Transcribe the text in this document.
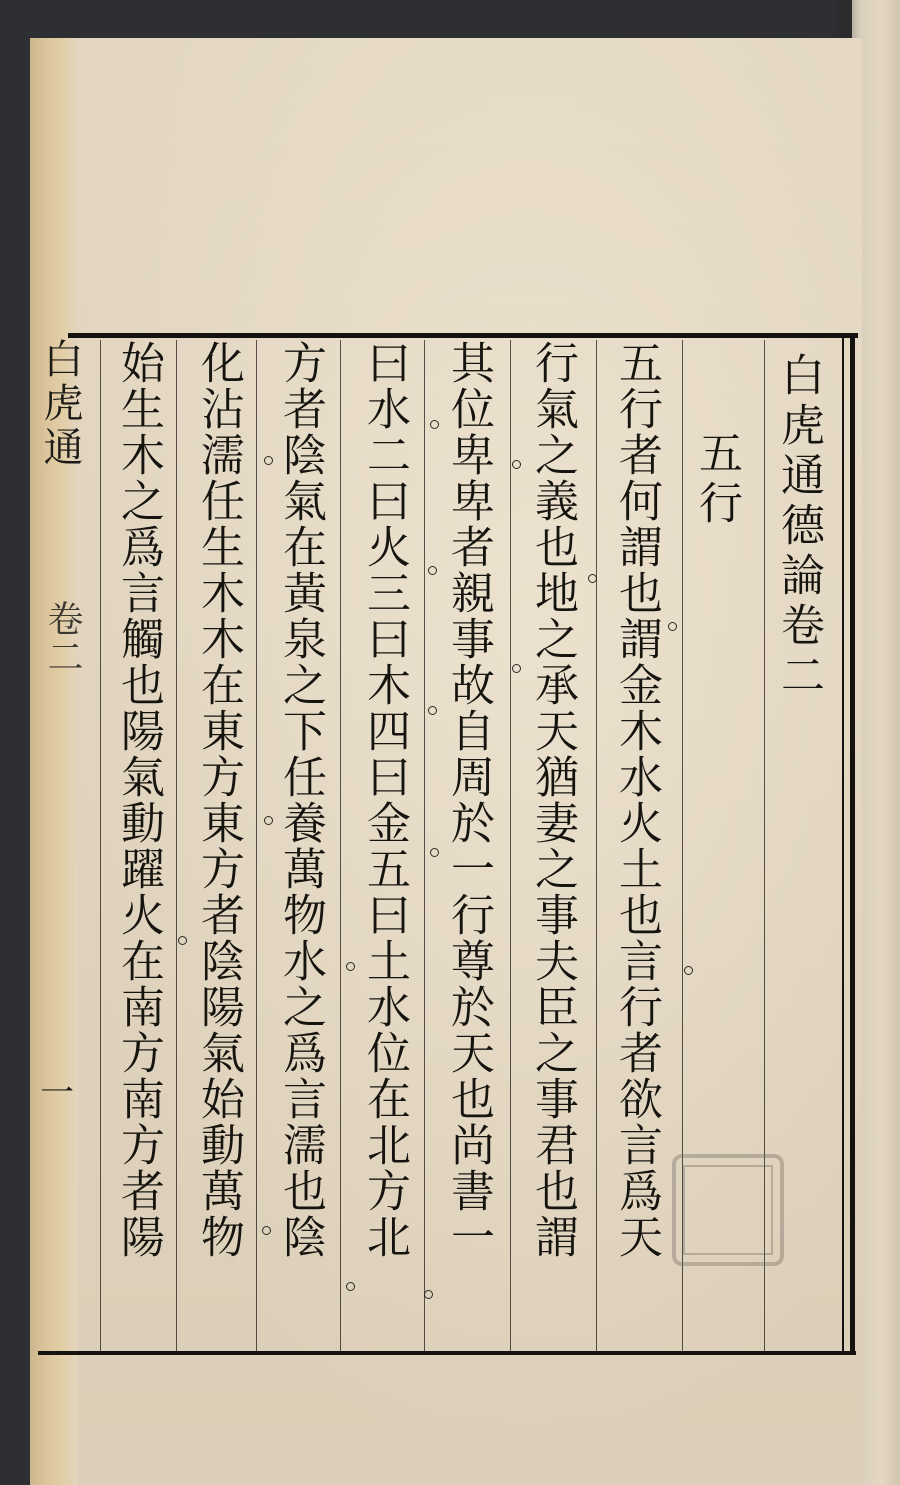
白虎通
卷二
一
白虎通德論卷二
五行
五行者何謂也謂金木水火土也言行者欲言爲天
行氣之義也地之承天猶妻之事夫臣之事君也謂
其位卑卑者親事故自周於一行尊於天也尚書一
曰水二曰火三曰木四曰金五曰土水位在北方北
方者陰氣在黃泉之下任養萬物水之爲言濡也陰
化沾濡任生木木在東方東方者陰陽氣始動萬物
始生木之爲言觸也陽氣動躍火在南方南方者陽
